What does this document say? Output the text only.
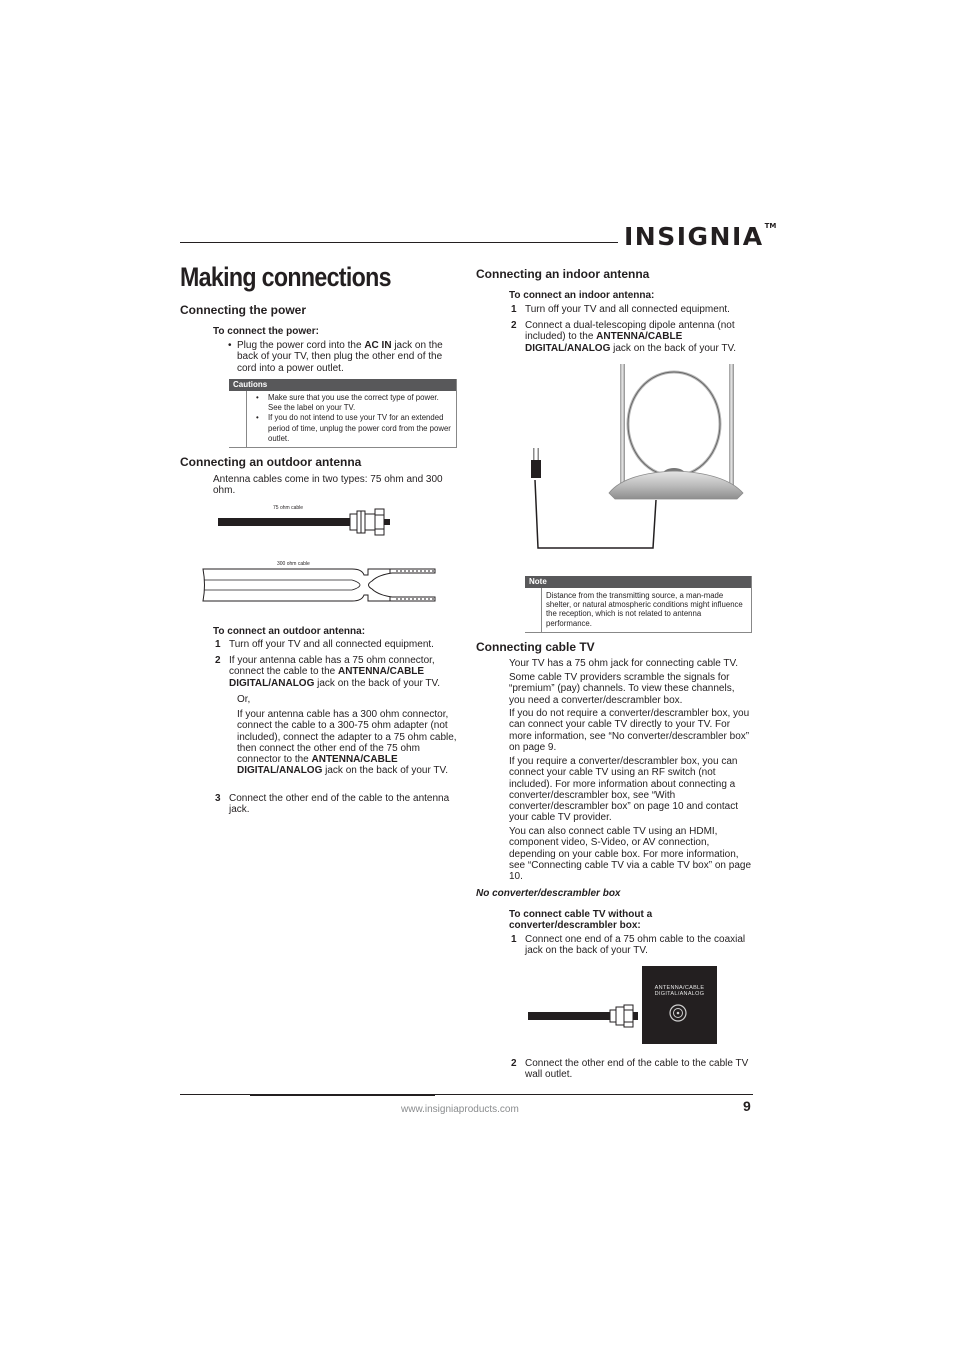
INSIGNIA™
Making connections
Connecting the power
To connect the power:
• Plug the power cord into the AC IN jack on the back of your TV, then plug the other end of the cord into a power outlet.
Cautions
• Make sure that you use the correct type of power. See the label on your TV.
• If you do not intend to use your TV for an extended period of time, unplug the power cord from the power outlet.
Connecting an outdoor antenna
Antenna cables come in two types: 75 ohm and 300 ohm.
75 ohm cable
300 ohm cable
To connect an outdoor antenna:
1 Turn off your TV and all connected equipment.
2 If your antenna cable has a 75 ohm connector, connect the cable to the ANTENNA/CABLE DIGITAL/ANALOG jack on the back of your TV.
Or,
If your antenna cable has a 300 ohm connector, connect the cable to a 300-75 ohm adapter (not included), connect the adapter to a 75 ohm cable, then connect the other end of the 75 ohm connector to the ANTENNA/CABLE DIGITAL/ANALOG jack on the back of your TV.
3 Connect the other end of the cable to the antenna jack.
Connecting an indoor antenna
To connect an indoor antenna:
1 Turn off your TV and all connected equipment.
2 Connect a dual-telescoping dipole antenna (not included) to the ANTENNA/CABLE DIGITAL/ANALOG jack on the back of your TV.
Note
Distance from the transmitting source, a man-made shelter, or natural atmospheric conditions might influence the reception, which is not related to antenna performance.
Connecting cable TV
Your TV has a 75 ohm jack for connecting cable TV.
Some cable TV providers scramble the signals for “premium” (pay) channels. To view these channels, you need a converter/descrambler box.
If you do not require a converter/descrambler box, you can connect your cable TV directly to your TV. For more information, see “No converter/descrambler box” on page 9.
If you require a converter/descrambler box, you can connect your cable TV using an RF switch (not included). For more information about connecting a converter/descrambler box, see “With converter/descrambler box” on page 10 and contact your cable TV provider.
You can also connect cable TV using an HDMI, component video, S-Video, or AV connection, depending on your cable box. For more information, see “Connecting cable TV via a cable TV box” on page 10.
No converter/descrambler box
To connect cable TV without a converter/descrambler box:
1 Connect one end of a 75 ohm cable to the coaxial jack on the back of your TV.
ANTENNA/CABLE
DIGITAL/ANALOG
2 Connect the other end of the cable to the cable TV wall outlet.
www.insigniaproducts.com	9
